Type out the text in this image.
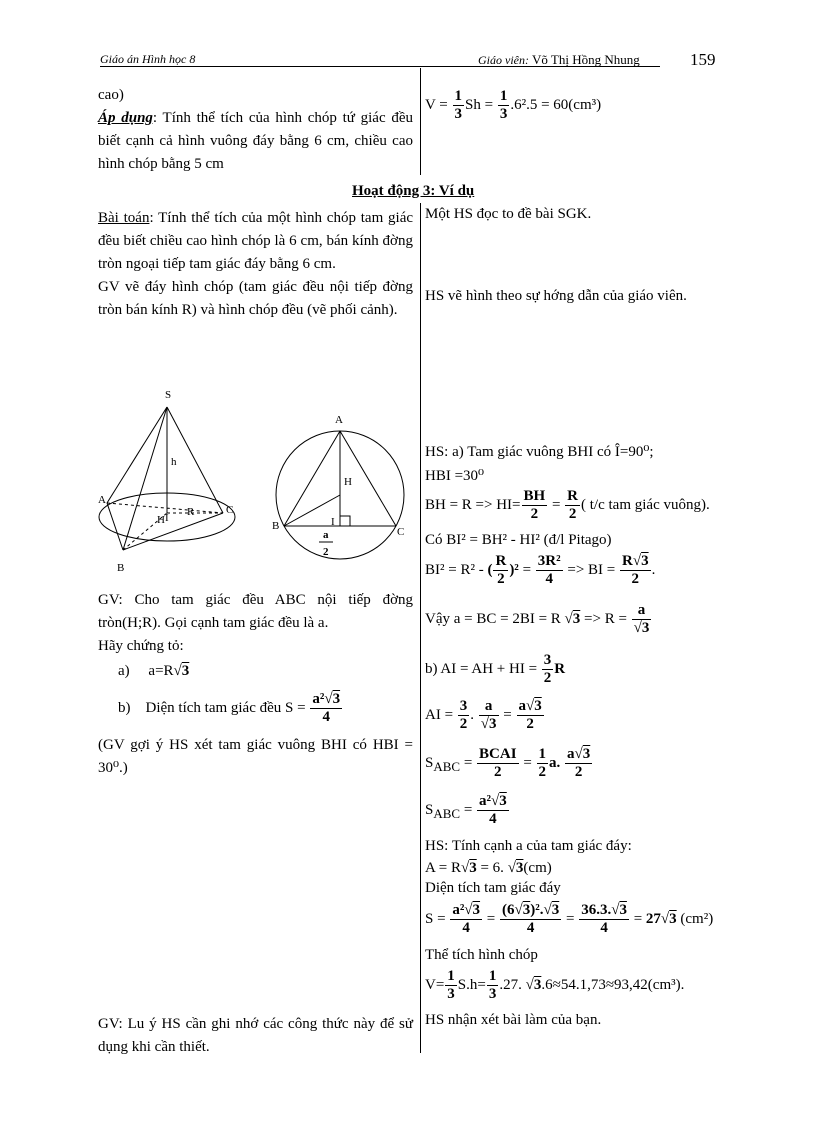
Giáo án Hình học 8	Giáo viên: Võ Thị Hồng Nhung	159

cao)

Áp dụng: Tính thể tích của hình chóp tứ giác đều biết cạnh cả hình vuông đáy bằng 6 cm, chiều cao hình chóp bằng 5 cm

$V = \frac{1}{3}$ $Sh = \frac{1}{3} .6^2.5 = 60(cm^3)$
Hoạt động 3: Ví dụ

Bài toán: Tính thể tích của một hình chóp tam giác đều biết chiều cao hình chóp là 6 cm, bán kính đờng tròn ngoại tiếp tam giác đáy bằng 6 cm.

GV vẽ đáy hình chóp (tam giác đều nội tiếp đờng tròn bán kính R) và hình chóp đều (vẽ phối cảnh).

S
h
A
H I R	C
B
A
H
I
B	C
a
2

GV: Cho tam giác đều ABC nội tiếp đờng tròn(H;R). Gọi cạnh tam giác đều là a.

Hãy chứng tỏ:

a) a=R√3

b) Diện tích tam giác đều $S = \frac{\text{a²√3}}{4}$

(GV gợi ý HS xét tam giác vuông BHI có HBI = 30⁰.)

GV: Lu ý HS cần ghi nhớ các công thức này để sử dụng khi cần thiết.
Một HS đọc to đề bài SGK.
HS vẽ hình theo sự hớng dẫn của giáo viên.
HS: a) Tam giác vuông BHI có Î=90⁰;
HBI =30⁰
BH = $R => HI= \frac{BH}{2} = \frac{R}{2}$ ( t/c tam giác vuông).
Có BI² = BH² - HI² (đ/l Pitago)
BI² = R² - ( $\frac{R}{2} )^2 = \frac{\text{3R²}}{4}$ => BI = $\frac{R√3}{2}$ .
Vậy a = BC = 2BI = R $√3 => R = \frac{a}{√3}$
b) AI = AH + HI = $\frac{3}{2}$ R
AI = $\frac{3}{2}$ . $\frac{a}{√3} = \frac{a√3}{2}$
$S_{ABC} = \frac{\text{BCAI}}{2} = \frac{1}{2} a$. $\frac{a√3}{2}$
$S_{ABC} = \frac{\text{a²√3}}{4}$
HS: Tính cạnh a của tam giác đáy:
A = R√3 = 6. √3(cm)
Diện tích tam giác đáy
$S = \frac{\text{a²√3}}{4} = \frac{\text{(6√3)².√3}}{4} = \frac{36.3.√3}{4} = 27√3$ (cm²)
Thể tích hình chóp
$V= \frac{1}{3} S.h= \frac{1}{3} .27$. √3.6≈54.1,73≈93,42(cm³).
HS nhận xét bài làm của bạn.
